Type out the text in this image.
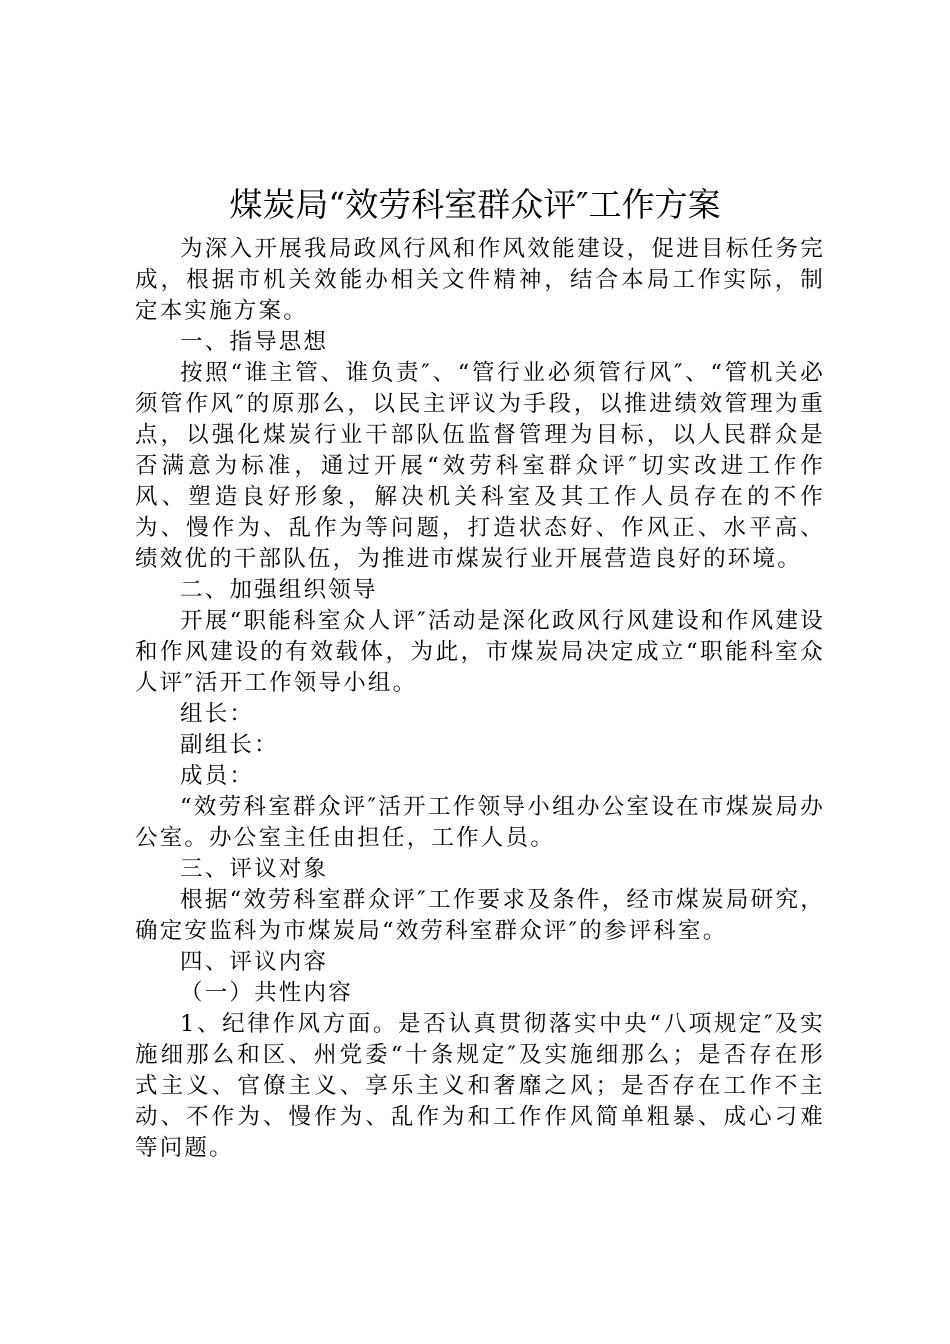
煤炭局“效劳科室群众评″工作方案

为深入开展我局政风行风和作风效能建设，促进目标任务完成，根据市机关效能办相关文件精神，结合本局工作实际，制定本实施方案。

一、指导思想

按照“谁主管、谁负责″、“管行业必须管行风″、“管机关必须管作风″的原那么，以民主评议为手段，以推进绩效管理为重点，以强化煤炭行业干部队伍监督管理为目标，以人民群众是否满意为标准，通过开展“效劳科室群众评″切实改进工作作风、塑造良好形象，解决机关科室及其工作人员存在的不作为、慢作为、乱作为等问题，打造状态好、作风正、水平高、绩效优的干部队伍，为推进市煤炭行业开展营造良好的环境。

二、加强组织领导

开展“职能科室众人评″活动是深化政风行风建设和作风建设和作风建设的有效载体，为此，市煤炭局决定成立“职能科室众人评″活开工作领导小组。

组长：

副组长：

成员：

“效劳科室群众评″活开工作领导小组办公室设在市煤炭局办公室。办公室主任由担任，工作人员。

三、评议对象

根据“效劳科室群众评″工作要求及条件，经市煤炭局研究，确定安监科为市煤炭局“效劳科室群众评″的参评科室。

四、评议内容

（一）共性内容

1、纪律作风方面。是否认真贯彻落实中央“八项规定″及实施细那么和区、州党委“十条规定″及实施细那么；是否存在形式主义、官僚主义、享乐主义和奢靡之风；是否存在工作不主动、不作为、慢作为、乱作为和工作作风简单粗暴、成心刁难等问题。
